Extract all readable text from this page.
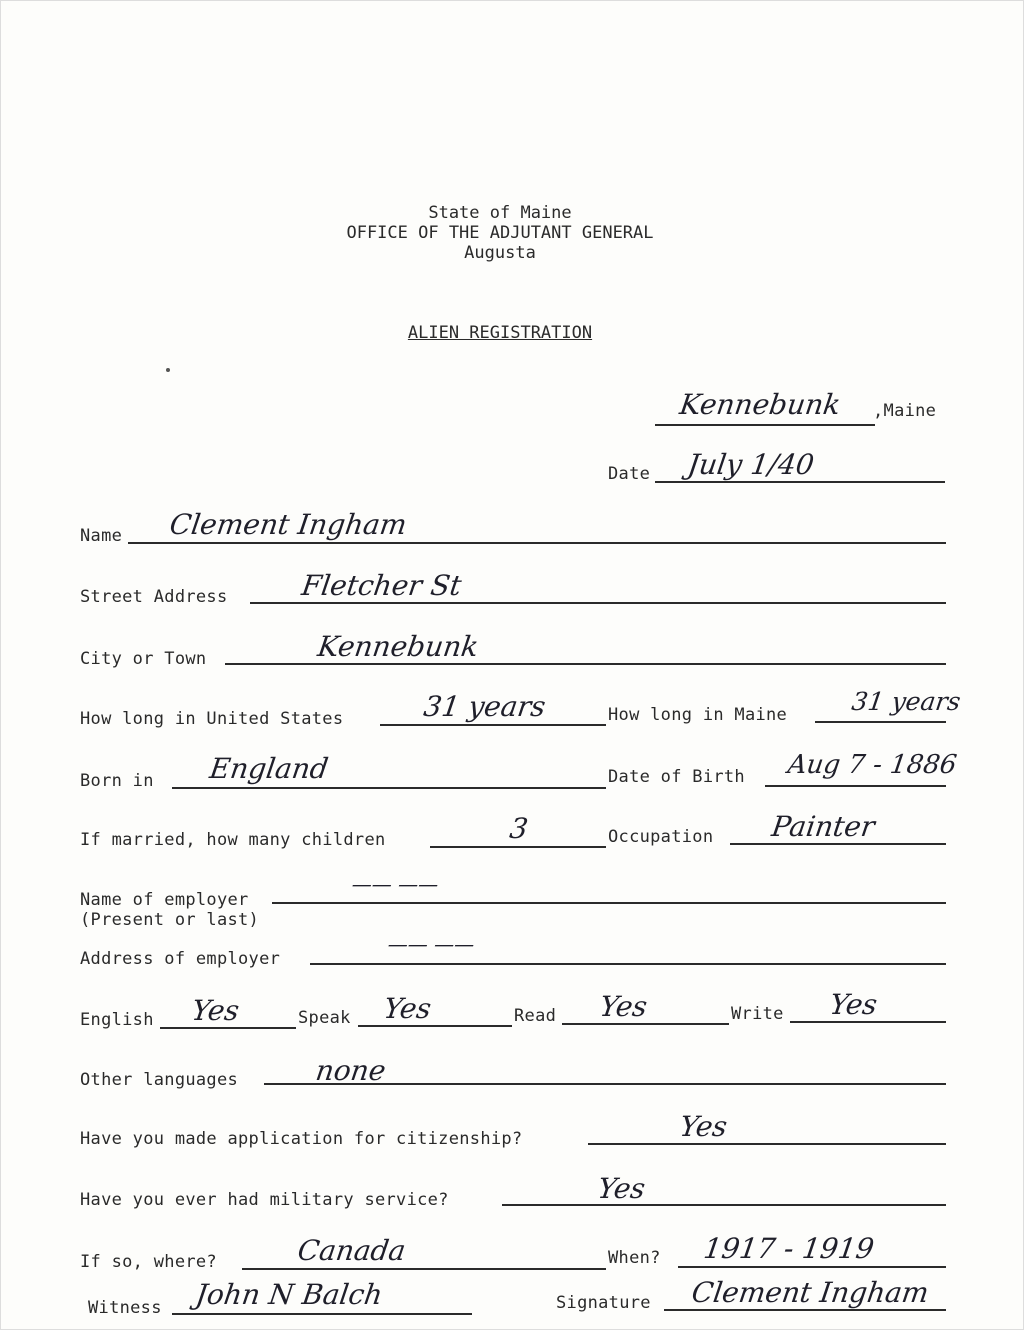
State of Maine
OFFICE OF THE ADJUTANT GENERAL
Augusta
ALIEN REGISTRATION
Kennebunk ,Maine
Date July 1/40
Name Clement Ingham
Street Address	Fletcher St
City or Town	Kennebunk
How long in United States	31 years	How long in Maine	31 years
Born in England	Date of Birth Aug 7 - 1886
If married, how many children	3	Occupation Painter
Name of employer
(Present or last)
—— ——
Address of employer
—— ——
English Yes	Speak Yes	Read Yes	Write Yes
Other languages	none
Have you made application for citizenship?	Yes
Have you ever had military service?	Yes
If so, where?	Canada	When? 1917 - 1919
Witness John N Balch	Signature Clement Ingham
